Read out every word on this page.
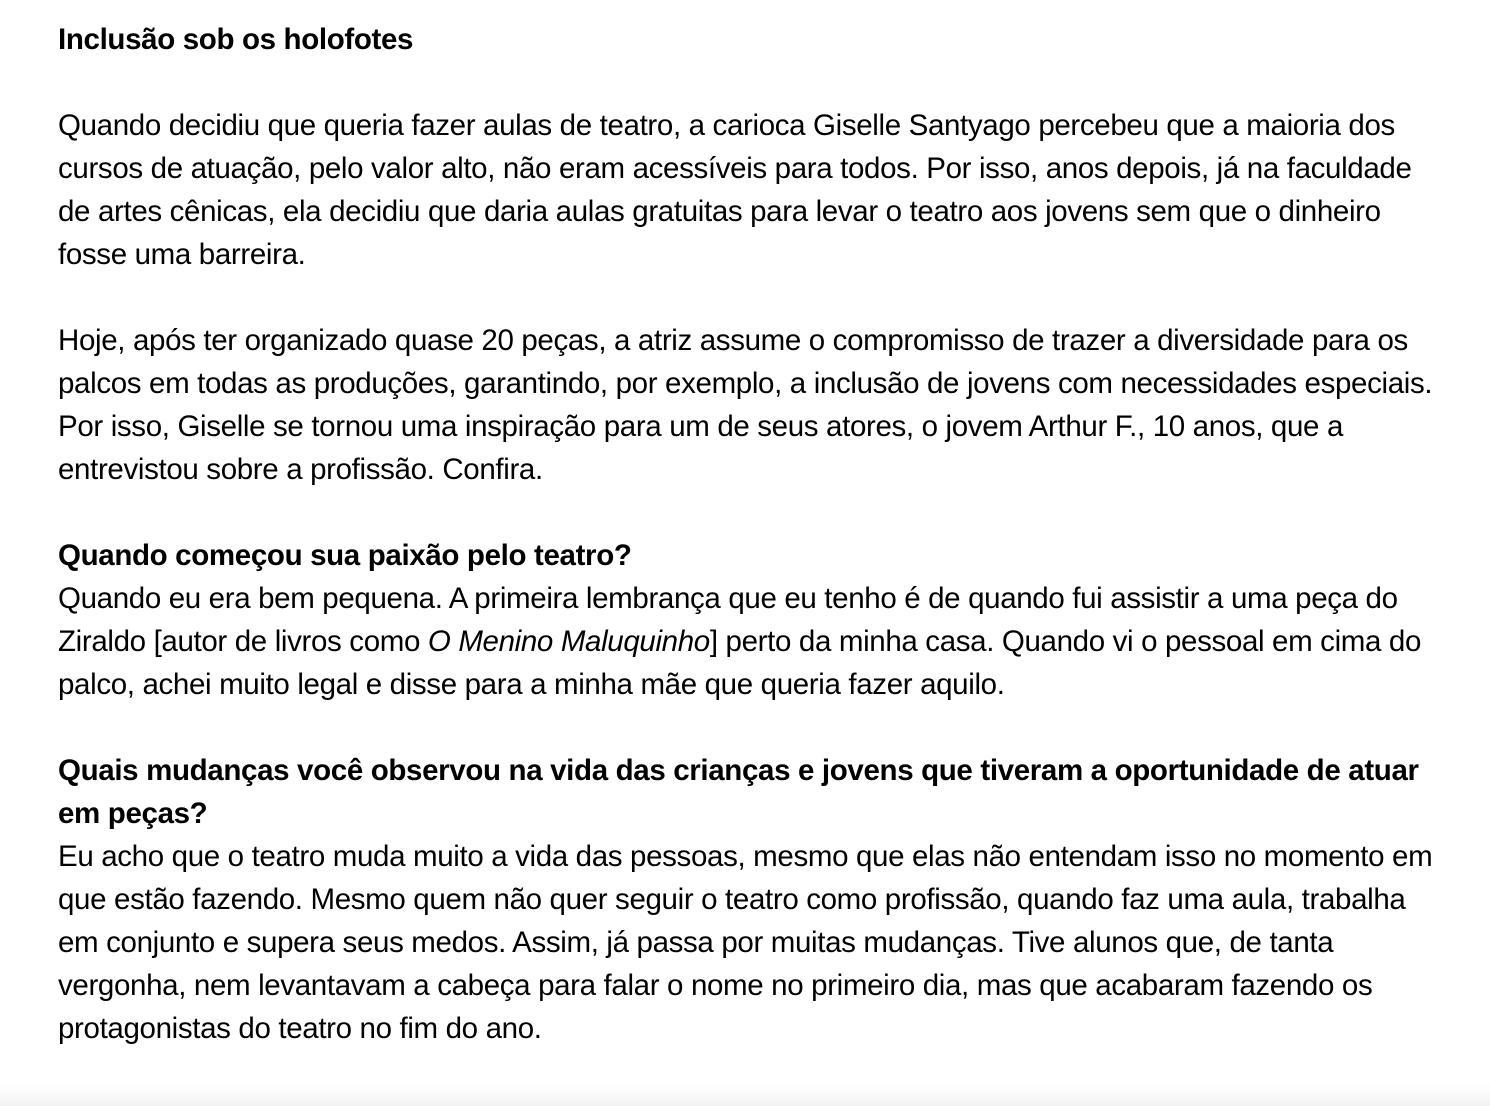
Inclusão sob os holofotes

Quando decidiu que queria fazer aulas de teatro, a carioca Giselle Santyago percebeu que a maioria dos cursos de atuação, pelo valor alto, não eram acessíveis para todos. Por isso, anos depois, já na faculdade de artes cênicas, ela decidiu que daria aulas gratuitas para levar o teatro aos jovens sem que o dinheiro fosse uma barreira.

Hoje, após ter organizado quase 20 peças, a atriz assume o compromisso de trazer a diversidade para os palcos em todas as produções, garantindo, por exemplo, a inclusão de jovens com necessidades especiais. Por isso, Giselle se tornou uma inspiração para um de seus atores, o jovem Arthur F., 10 anos, que a entrevistou sobre a profissão. Confira.

Quando começou sua paixão pelo teatro?

Quando eu era bem pequena. A primeira lembrança que eu tenho é de quando fui assistir a uma peça do Ziraldo [autor de livros como O Menino Maluquinho] perto da minha casa. Quando vi o pessoal em cima do palco, achei muito legal e disse para a minha mãe que queria fazer aquilo.

Quais mudanças você observou na vida das crianças e jovens que tiveram a oportunidade de atuar em peças?

Eu acho que o teatro muda muito a vida das pessoas, mesmo que elas não entendam isso no momento em que estão fazendo. Mesmo quem não quer seguir o teatro como profissão, quando faz uma aula, trabalha em conjunto e supera seus medos. Assim, já passa por muitas mudanças. Tive alunos que, de tanta vergonha, nem levantavam a cabeça para falar o nome no primeiro dia, mas que acabaram fazendo os protagonistas do teatro no fim do ano.
